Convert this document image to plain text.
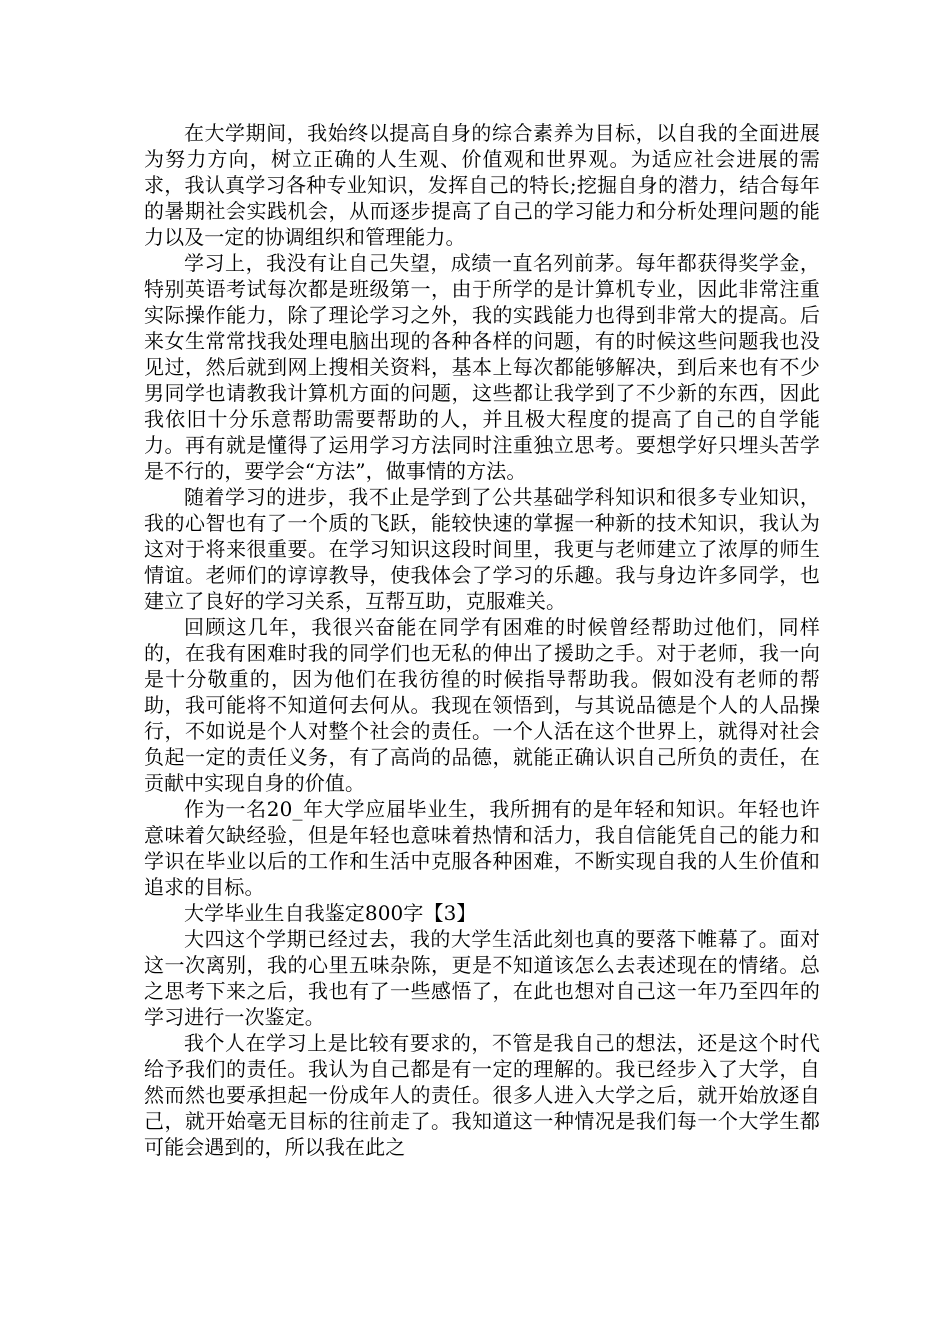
在大学期间，我始终以提高自身的综合素养为目标，以自我的全面进展为努力方向，树立正确的人生观、价值观和世界观。为适应社会进展的需求，我认真学习各种专业知识，发挥自己的特长;挖掘自身的潜力，结合每年的暑期社会实践机会，从而逐步提高了自己的学习能力和分析处理问题的能力以及一定的协调组织和管理能力。

学习上，我没有让自己失望，成绩一直名列前茅。每年都获得奖学金，特别英语考试每次都是班级第一，由于所学的是计算机专业，因此非常注重实际操作能力，除了理论学习之外，我的实践能力也得到非常大的提高。后来女生常常找我处理电脑出现的各种各样的问题，有的时候这些问题我也没见过，然后就到网上搜相关资料，基本上每次都能够解决，到后来也有不少男同学也请教我计算机方面的问题，这些都让我学到了不少新的东西，因此我依旧十分乐意帮助需要帮助的人，并且极大程度的提高了自己的自学能力。再有就是懂得了运用学习方法同时注重独立思考。要想学好只埋头苦学是不行的，要学会“方法”，做事情的方法。

随着学习的进步，我不止是学到了公共基础学科知识和很多专业知识，我的心智也有了一个质的飞跃，能较快速的掌握一种新的技术知识，我认为这对于将来很重要。在学习知识这段时间里，我更与老师建立了浓厚的师生情谊。老师们的谆谆教导，使我体会了学习的乐趣。我与身边许多同学，也建立了良好的学习关系，互帮互助，克服难关。

回顾这几年，我很兴奋能在同学有困难的时候曾经帮助过他们，同样的，在我有困难时我的同学们也无私的伸出了援助之手。对于老师，我一向是十分敬重的，因为他们在我彷徨的时候指导帮助我。假如没有老师的帮助，我可能将不知道何去何从。我现在领悟到，与其说品德是个人的人品操行，不如说是个人对整个社会的责任。一个人活在这个世界上，就得对社会负起一定的责任义务，有了高尚的品德，就能正确认识自己所负的责任，在贡献中实现自身的价值。

作为一名20_年大学应届毕业生，我所拥有的是年轻和知识。年轻也许意味着欠缺经验，但是年轻也意味着热情和活力，我自信能凭自己的能力和学识在毕业以后的工作和生活中克服各种困难，不断实现自我的人生价值和追求的目标。

大学毕业生自我鉴定800字【3】

大四这个学期已经过去，我的大学生活此刻也真的要落下帷幕了。面对这一次离别，我的心里五味杂陈，更是不知道该怎么去表述现在的情绪。总之思考下来之后，我也有了一些感悟了，在此也想对自己这一年乃至四年的学习进行一次鉴定。

我个人在学习上是比较有要求的，不管是我自己的想法，还是这个时代给予我们的责任。我认为自己都是有一定的理解的。我已经步入了大学，自然而然也要承担起一份成年人的责任。很多人进入大学之后，就开始放逐自己，就开始毫无目标的往前走了。我知道这一种情况是我们每一个大学生都可能会遇到的，所以我在此之
